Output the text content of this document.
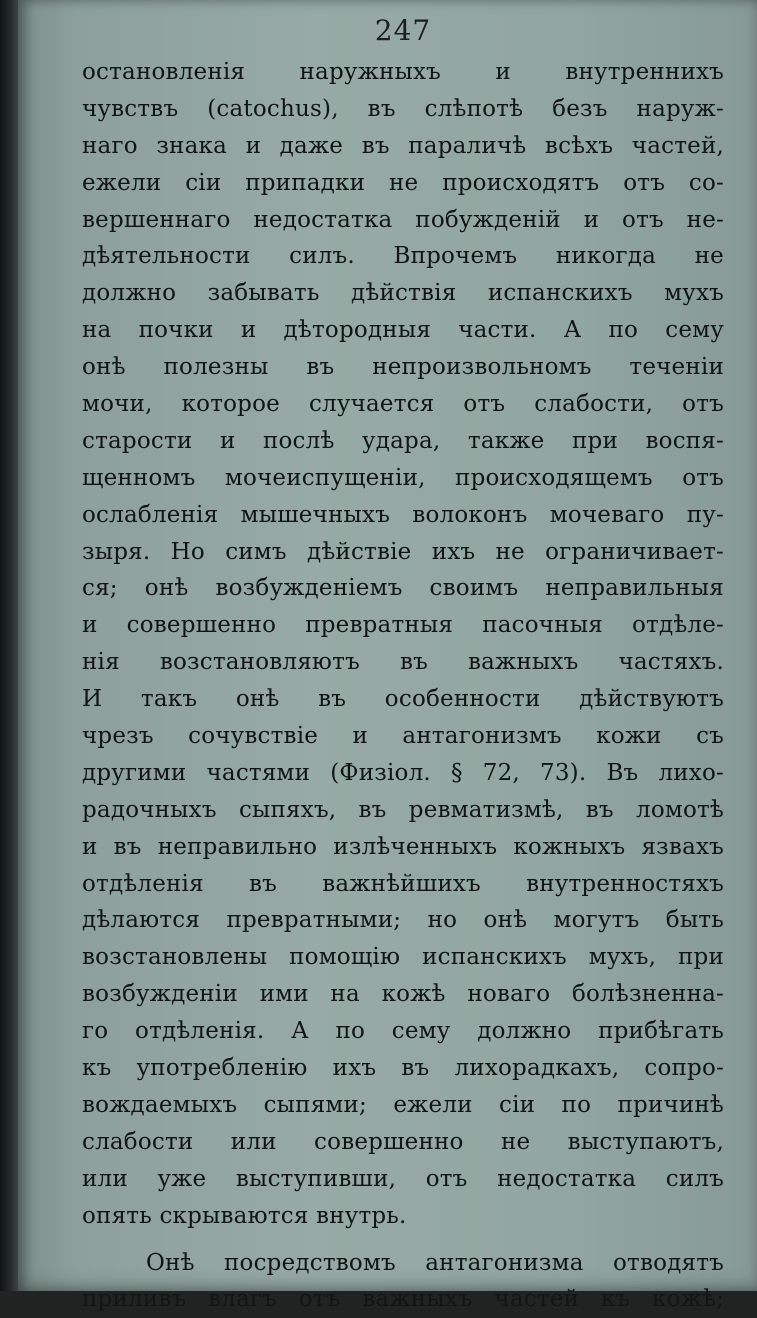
247
остановленія наружныхъ и внутреннихъ
чувствъ (catochus), въ слѣпотѣ безъ наруж-
наго знака и даже въ параличѣ всѣхъ частей,
ежели сіи припадки не происходятъ отъ со-
вершеннаго недостатка побужденій и отъ не-
дѣятельности силъ. Впрочемъ никогда не
должно забывать дѣйствія испанскихъ мухъ
на почки и дѣтородныя части. А по сему
онѣ полезны въ непроизвольномъ теченіи
мочи, которое случается отъ слабости, отъ
старости и послѣ удара, также при воспя-
щенномъ мочеиспущеніи, происходящемъ отъ
ослабленія мышечныхъ волоконъ мочеваго пу-
зыря. Но симъ дѣйствіе ихъ не ограничивает-
ся; онѣ возбужденіемъ своимъ неправильныя
и совершенно превратныя пасочныя отдѣле-
нія возстановляютъ въ важныхъ частяхъ.
И такъ онѣ въ особенности дѣйствуютъ
чрезъ сочувствіе и антагонизмъ кожи съ
другими частями (Физіол. § 72, 73). Въ лихо-
радочныхъ сыпяхъ, въ ревматизмѣ, въ ломотѣ
и въ неправильно излѣченныхъ кожныхъ язвахъ
отдѣленія въ важнѣйшихъ внутренностяхъ
дѣлаются превратными; но онѣ могутъ быть
возстановлены помощію испанскихъ мухъ, при
возбужденіи ими на кожѣ новаго болѣзненна-
го отдѣленія. А по сему должно прибѣгать
къ употребленію ихъ въ лихорадкахъ, сопро-
вождаемыхъ сыпями; ежели сіи по причинѣ
слабости или совершенно не выступаютъ,
или уже выступивши, отъ недостатка силъ
опять скрываются внутрь.
Онѣ посредствомъ антагонизма отводятъ
приливъ влагъ отъ важныхъ частей къ кожѣ;
